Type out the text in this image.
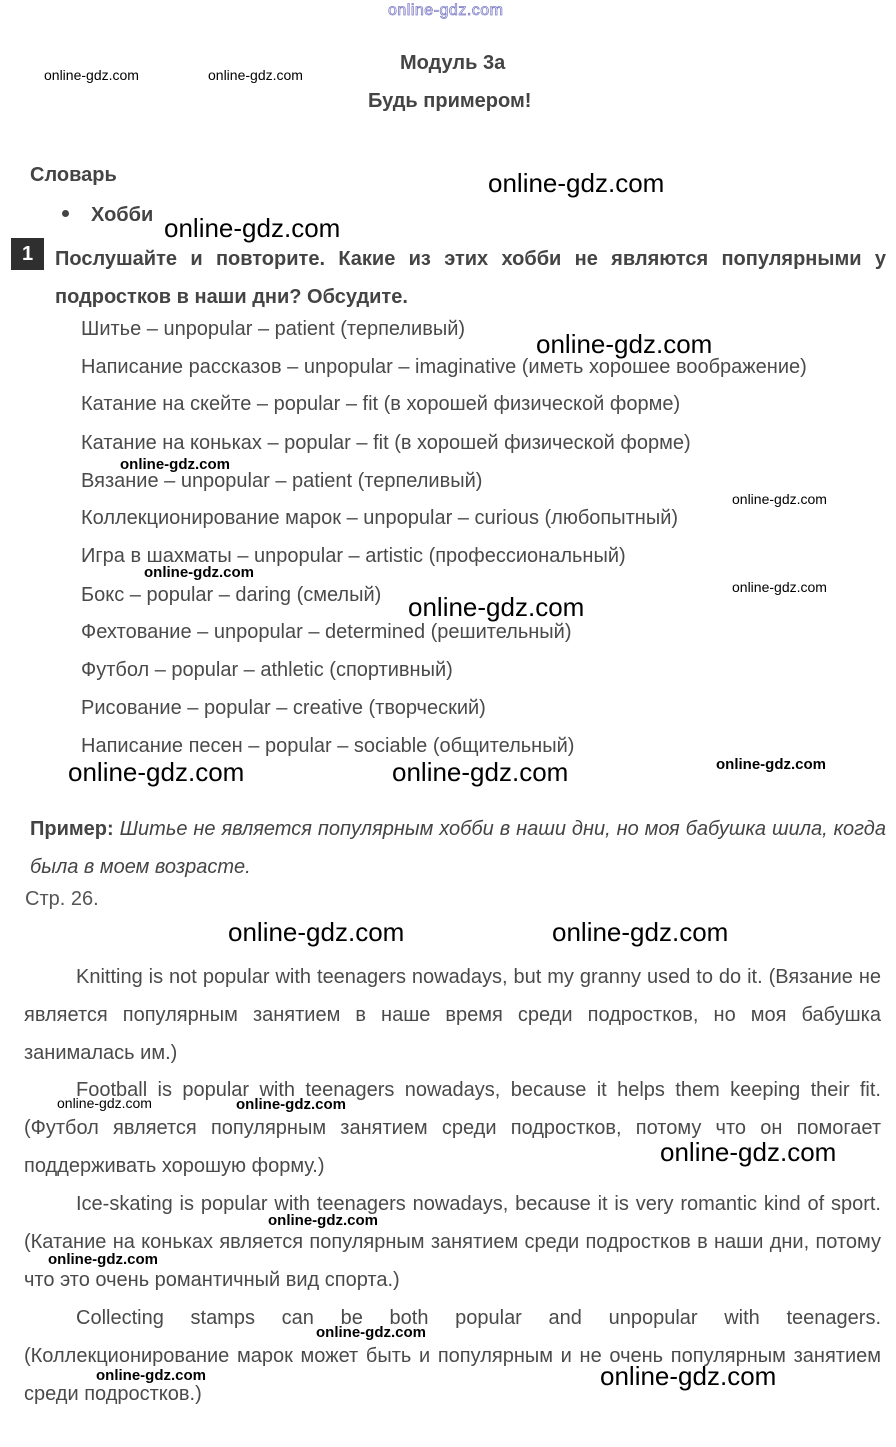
online-gdz.com
Модуль 3a
Будь примером!
Словарь
Хобби
1	Послушайте и повторите. Какие из этих хобби не являются популярными у подростков в наши дни? Обсудите.
Шитье – unpopular – patient (терпеливый)
Написание рассказов – unpopular – imaginative (иметь хорошее воображение)
Катание на скейте – popular – fit (в хорошей физической форме)
Катание на коньках – popular – fit (в хорошей физической форме)
Вязание – unpopular – patient (терпеливый)
Коллекционирование марок – unpopular – curious (любопытный)
Игра в шахматы – unpopular – artistic (профессиональный)
Бокс – popular – daring (смелый)
Фехтование – unpopular – determined (решительный)
Футбол – popular – athletic (спортивный)
Рисование – popular – creative (творческий)
Написание песен – popular – sociable (общительный)
Пример: Шитье не является популярным хобби в наши дни, но моя бабушка шила, когда была в моем возрасте.
Стр. 26.
Knitting is not popular with teenagers nowadays, but my granny used to do it. (Вязание не является популярным занятием в наше время среди подростков, но моя бабушка занималась им.)
Football is popular with teenagers nowadays, because it helps them keeping their fit. (Футбол является популярным занятием среди подростков, потому что он помогает поддерживать хорошую форму.)
Ice-skating is popular with teenagers nowadays, because it is very romantic kind of sport. (Катание на коньках является популярным занятием среди подростков в наши дни, потому что это очень романтичный вид спорта.)
Collecting stamps can be both popular and unpopular with teenagers. (Коллекционирование марок может быть и популярным и не очень популярным занятием среди подростков.)
online-gdz.com	online-gdz.com
online-gdz.com
online-gdz.com
online-gdz.com
online-gdz.com
online-gdz.com
online-gdz.com
online-gdz.com
online-gdz.com
online-gdz.com
online-gdz.com	online-gdz.com
online-gdz.com	online-gdz.com
online-gdz.com	online-gdz.com
online-gdz.com
online-gdz.com
online-gdz.com
online-gdz.com
online-gdz.com	online-gdz.com
